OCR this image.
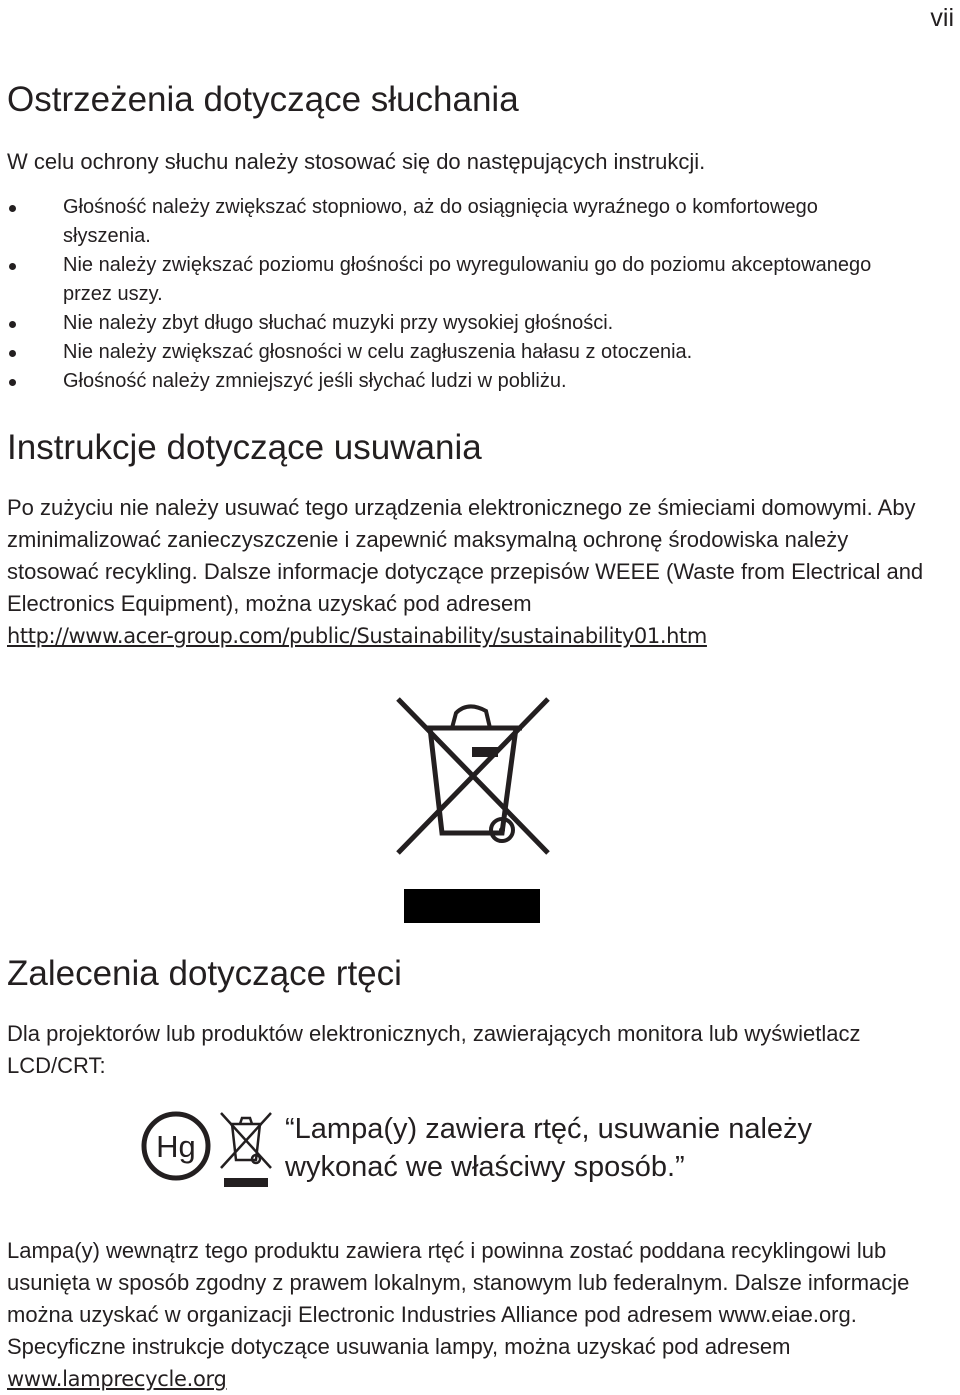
vii
Ostrzeżenia dotyczące słuchania

W celu ochrony słuchu należy stosować się do następujących instrukcji.

Głośność należy zwiększać stopniowo, aż do osiągnięcia wyraźnego o komfortowego słyszenia.
Nie należy zwiększać poziomu głośności po wyregulowaniu go do poziomu akceptowanego przez uszy.
Nie należy zbyt długo słuchać muzyki przy wysokiej głośności.
Nie należy zwiększać głosności w celu zagłuszenia hałasu z otoczenia.
Głośność należy zmniejszyć jeśli słychać ludzi w pobliżu.
Instrukcje dotyczące usuwania
Po zużyciu nie należy usuwać tego urządzenia elektronicznego ze śmieciami domowymi. Aby zminimalizować zanieczyszczenie i zapewnić maksymalną ochronę środowiska należy stosować recykling. Dalsze informacje dotyczące przepisów WEEE (Waste from Electrical and Electronics Equipment), można uzyskać pod adresem
http://www.acer-group.com/public/Sustainability/sustainability01.htm
Zalecenia dotyczące rtęci

Dla projektorów lub produktów elektronicznych, zawierających monitora lub wyświetlacz LCD/CRT:

Hg	“Lampa(y) zawiera rtęć, usuwanie należy wykonać we właściwy sposób.”

Lampa(y) wewnątrz tego produktu zawiera rtęć i powinna zostać poddana recyklingowi lub usunięta w sposób zgodny z prawem lokalnym, stanowym lub federalnym. Dalsze informacje można uzyskać w organizacji Electronic Industries Alliance pod adresem www.eiae.org. Specyficzne instrukcje dotyczące usuwania lampy, można uzyskać pod adresem www.lamprecycle.org
